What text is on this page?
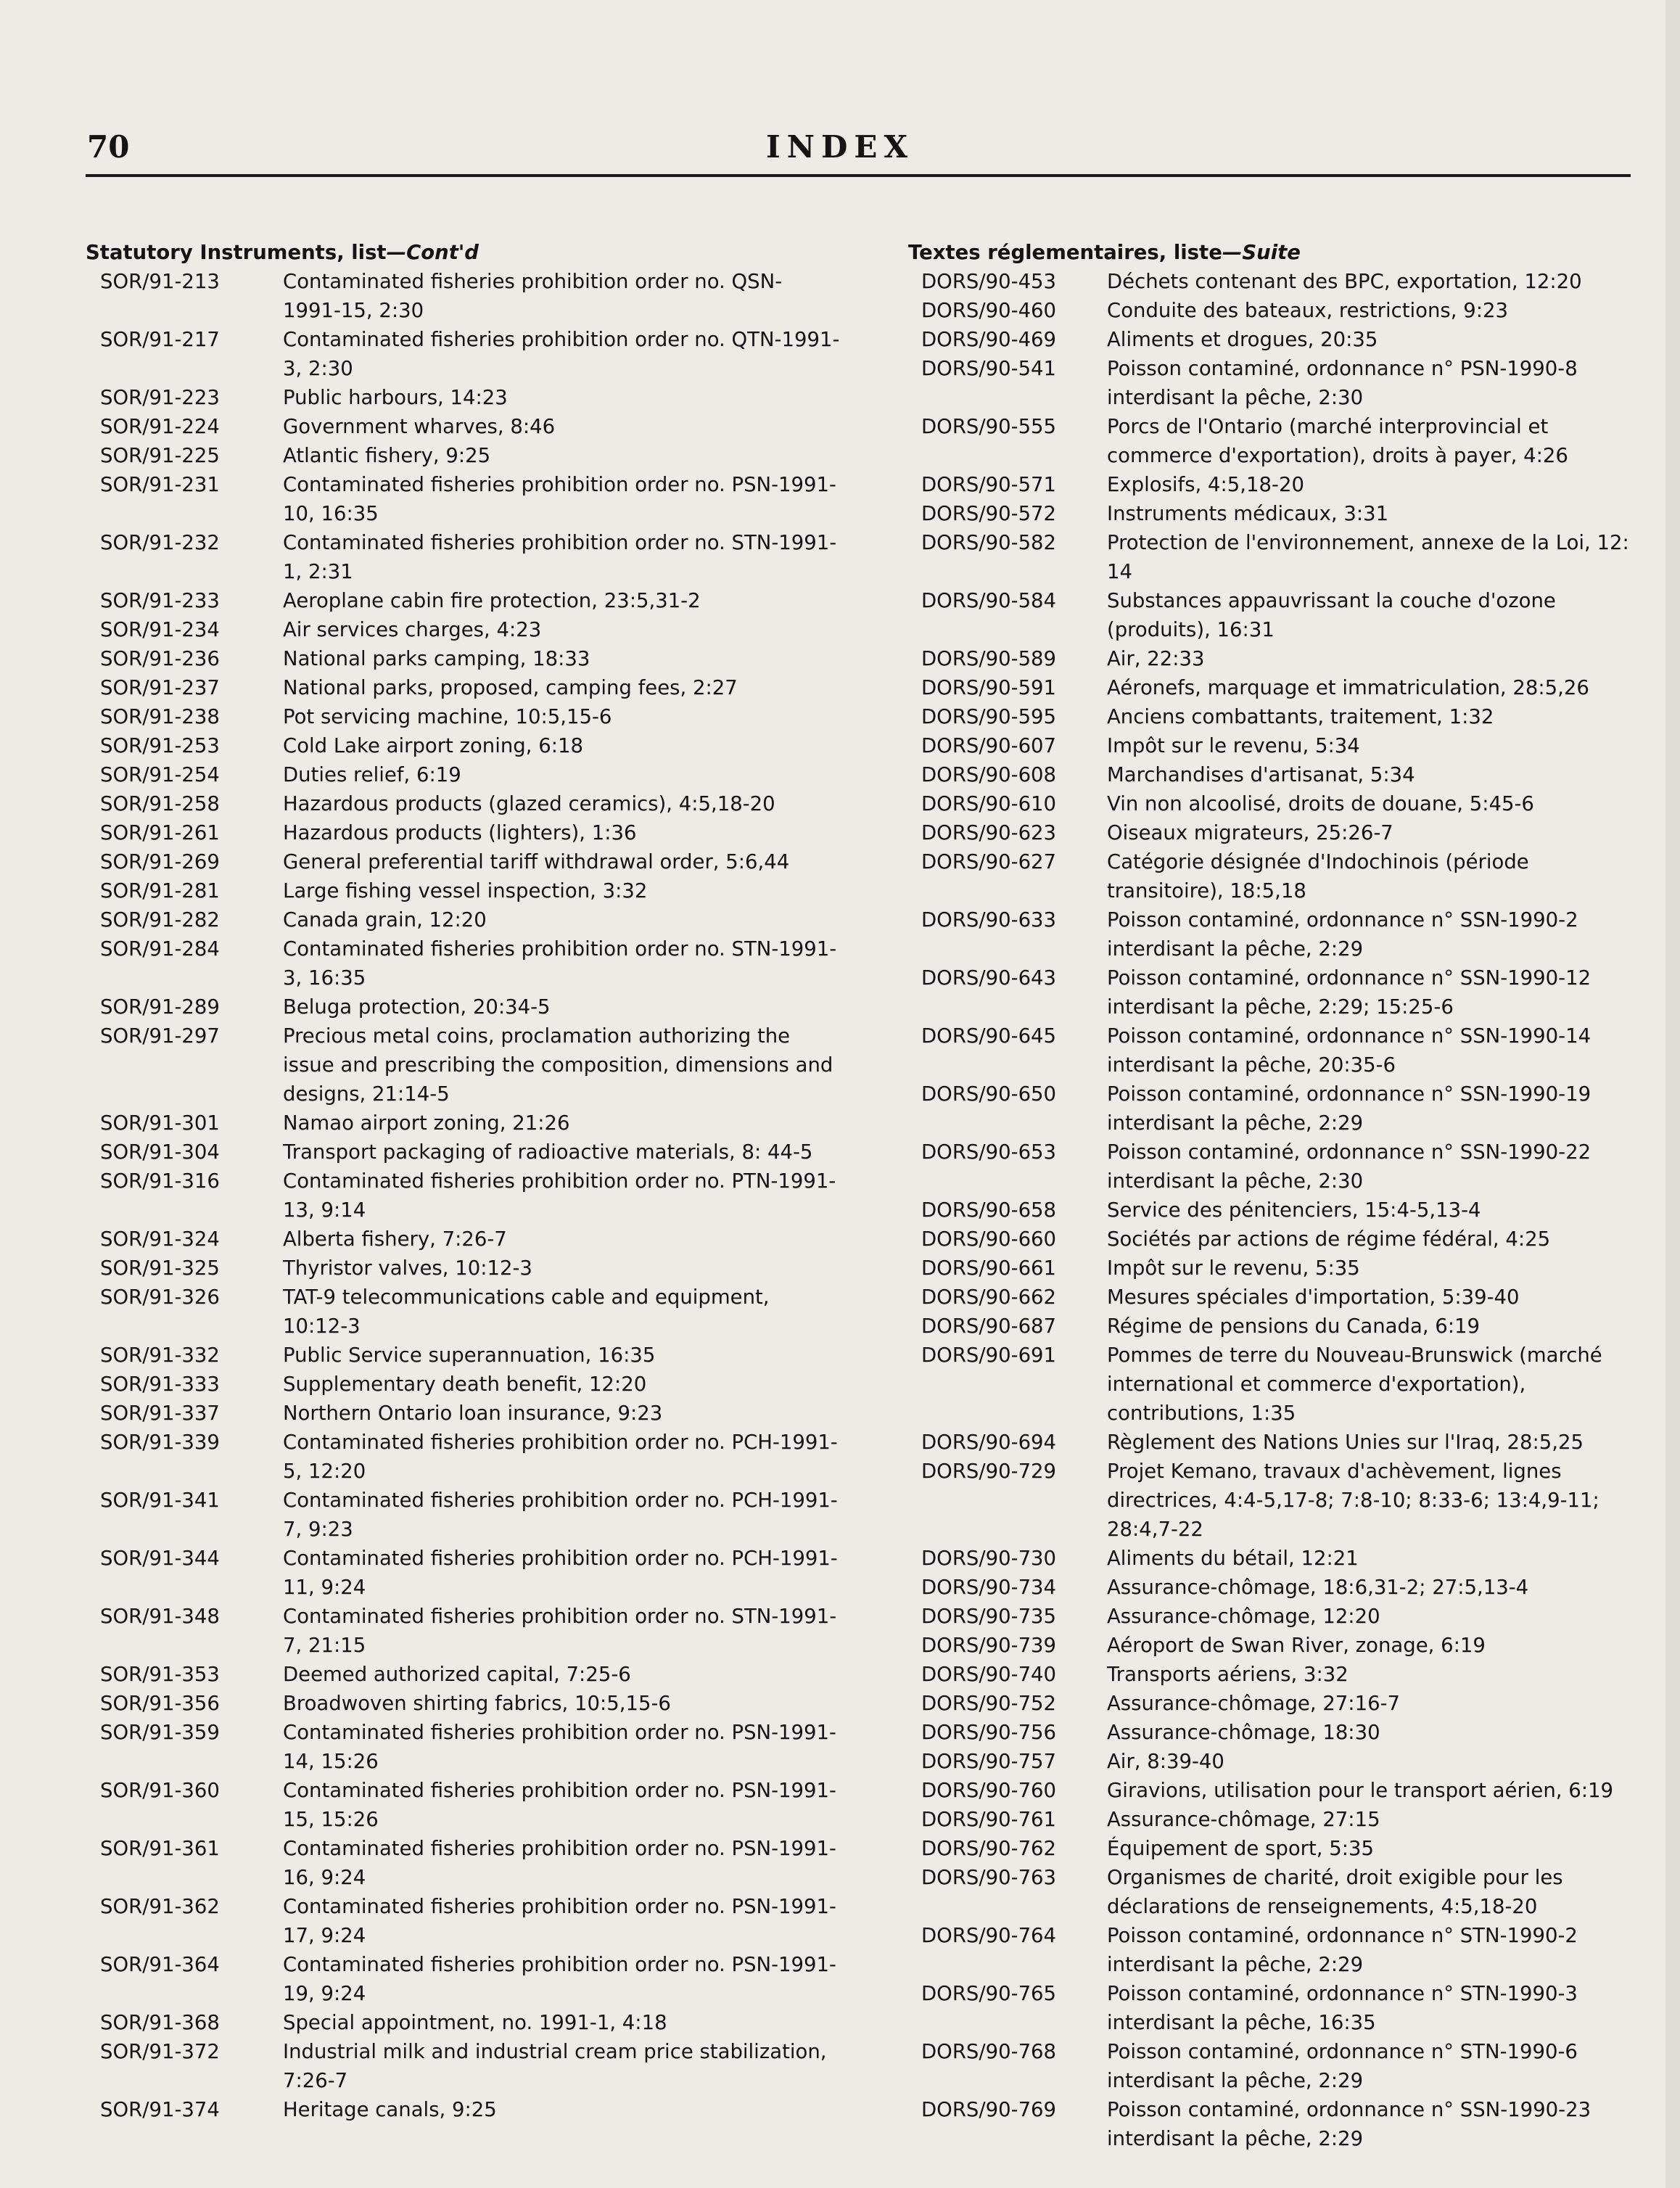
70	INDEX
Statutory Instruments, list—Cont'd
SOR/91-213	Contaminated fisheries prohibition order no. QSN-1991-15, 2:30
SOR/91-217	Contaminated fisheries prohibition order no. QTN-1991-3, 2:30
SOR/91-223	Public harbours, 14:23
SOR/91-224	Government wharves, 8:46
SOR/91-225	Atlantic fishery, 9:25
SOR/91-231	Contaminated fisheries prohibition order no. PSN-1991-10, 16:35
SOR/91-232	Contaminated fisheries prohibition order no. STN-1991-1, 2:31
SOR/91-233	Aeroplane cabin fire protection, 23:5,31-2
SOR/91-234	Air services charges, 4:23
SOR/91-236	National parks camping, 18:33
SOR/91-237	National parks, proposed, camping fees, 2:27
SOR/91-238	Pot servicing machine, 10:5,15-6
SOR/91-253	Cold Lake airport zoning, 6:18
SOR/91-254	Duties relief, 6:19
SOR/91-258	Hazardous products (glazed ceramics), 4:5,18-20
SOR/91-261	Hazardous products (lighters), 1:36
SOR/91-269	General preferential tariff withdrawal order, 5:6,44
SOR/91-281	Large fishing vessel inspection, 3:32
SOR/91-282	Canada grain, 12:20
SOR/91-284	Contaminated fisheries prohibition order no. STN-1991-3, 16:35
SOR/91-289	Beluga protection, 20:34-5
SOR/91-297	Precious metal coins, proclamation authorizing the issue and prescribing the composition, dimensions and designs, 21:14-5
SOR/91-301	Namao airport zoning, 21:26
SOR/91-304	Transport packaging of radioactive materials, 8: 44-5
SOR/91-316	Contaminated fisheries prohibition order no. PTN-1991-13, 9:14
SOR/91-324	Alberta fishery, 7:26-7
SOR/91-325	Thyristor valves, 10:12-3
SOR/91-326	TAT-9 telecommunications cable and equipment, 10:12-3
SOR/91-332	Public Service superannuation, 16:35
SOR/91-333	Supplementary death benefit, 12:20
SOR/91-337	Northern Ontario loan insurance, 9:23
SOR/91-339	Contaminated fisheries prohibition order no. PCH-1991-5, 12:20
SOR/91-341	Contaminated fisheries prohibition order no. PCH-1991-7, 9:23
SOR/91-344	Contaminated fisheries prohibition order no. PCH-1991-11, 9:24
SOR/91-348	Contaminated fisheries prohibition order no. STN-1991-7, 21:15
SOR/91-353	Deemed authorized capital, 7:25-6
SOR/91-356	Broadwoven shirting fabrics, 10:5,15-6
SOR/91-359	Contaminated fisheries prohibition order no. PSN-1991-14, 15:26
SOR/91-360	Contaminated fisheries prohibition order no. PSN-1991-15, 15:26
SOR/91-361	Contaminated fisheries prohibition order no. PSN-1991-16, 9:24
SOR/91-362	Contaminated fisheries prohibition order no. PSN-1991-17, 9:24
SOR/91-364	Contaminated fisheries prohibition order no. PSN-1991-19, 9:24
SOR/91-368	Special appointment, no. 1991-1, 4:18
SOR/91-372	Industrial milk and industrial cream price stabilization, 7:26-7
SOR/91-374	Heritage canals, 9:25
Textes réglementaires, liste—Suite
DORS/90-453	Déchets contenant des BPC, exportation, 12:20
DORS/90-460	Conduite des bateaux, restrictions, 9:23
DORS/90-469	Aliments et drogues, 20:35
DORS/90-541	Poisson contaminé, ordonnance n° PSN-1990-8 interdisant la pêche, 2:30
DORS/90-555	Porcs de l'Ontario (marché interprovincial et commerce d'exportation), droits à payer, 4:26
DORS/90-571	Explosifs, 4:5,18-20
DORS/90-572	Instruments médicaux, 3:31
DORS/90-582	Protection de l'environnement, annexe de la Loi, 12: 14
DORS/90-584	Substances appauvrissant la couche d'ozone (produits), 16:31
DORS/90-589	Air, 22:33
DORS/90-591	Aéronefs, marquage et immatriculation, 28:5,26
DORS/90-595	Anciens combattants, traitement, 1:32
DORS/90-607	Impôt sur le revenu, 5:34
DORS/90-608	Marchandises d'artisanat, 5:34
DORS/90-610	Vin non alcoolisé, droits de douane, 5:45-6
DORS/90-623	Oiseaux migrateurs, 25:26-7
DORS/90-627	Catégorie désignée d'Indochinois (période transitoire), 18:5,18
DORS/90-633	Poisson contaminé, ordonnance n° SSN-1990-2 interdisant la pêche, 2:29
DORS/90-643	Poisson contaminé, ordonnance n° SSN-1990-12 interdisant la pêche, 2:29; 15:25-6
DORS/90-645	Poisson contaminé, ordonnance n° SSN-1990-14 interdisant la pêche, 20:35-6
DORS/90-650	Poisson contaminé, ordonnance n° SSN-1990-19 interdisant la pêche, 2:29
DORS/90-653	Poisson contaminé, ordonnance n° SSN-1990-22 interdisant la pêche, 2:30
DORS/90-658	Service des pénitenciers, 15:4-5,13-4
DORS/90-660	Sociétés par actions de régime fédéral, 4:25
DORS/90-661	Impôt sur le revenu, 5:35
DORS/90-662	Mesures spéciales d'importation, 5:39-40
DORS/90-687	Régime de pensions du Canada, 6:19
DORS/90-691	Pommes de terre du Nouveau-Brunswick (marché international et commerce d'exportation), contributions, 1:35
DORS/90-694	Règlement des Nations Unies sur l'Iraq, 28:5,25
DORS/90-729	Projet Kemano, travaux d'achèvement, lignes directrices, 4:4-5,17-8; 7:8-10; 8:33-6; 13:4,9-11; 28:4,7-22
DORS/90-730	Aliments du bétail, 12:21
DORS/90-734	Assurance-chômage, 18:6,31-2; 27:5,13-4
DORS/90-735	Assurance-chômage, 12:20
DORS/90-739	Aéroport de Swan River, zonage, 6:19
DORS/90-740	Transports aériens, 3:32
DORS/90-752	Assurance-chômage, 27:16-7
DORS/90-756	Assurance-chômage, 18:30
DORS/90-757	Air, 8:39-40
DORS/90-760	Giravions, utilisation pour le transport aérien, 6:19
DORS/90-761	Assurance-chômage, 27:15
DORS/90-762	Équipement de sport, 5:35
DORS/90-763	Organismes de charité, droit exigible pour les déclarations de renseignements, 4:5,18-20
DORS/90-764	Poisson contaminé, ordonnance n° STN-1990-2 interdisant la pêche, 2:29
DORS/90-765	Poisson contaminé, ordonnance n° STN-1990-3 interdisant la pêche, 16:35
DORS/90-768	Poisson contaminé, ordonnance n° STN-1990-6 interdisant la pêche, 2:29
DORS/90-769	Poisson contaminé, ordonnance n° SSN-1990-23 interdisant la pêche, 2:29
